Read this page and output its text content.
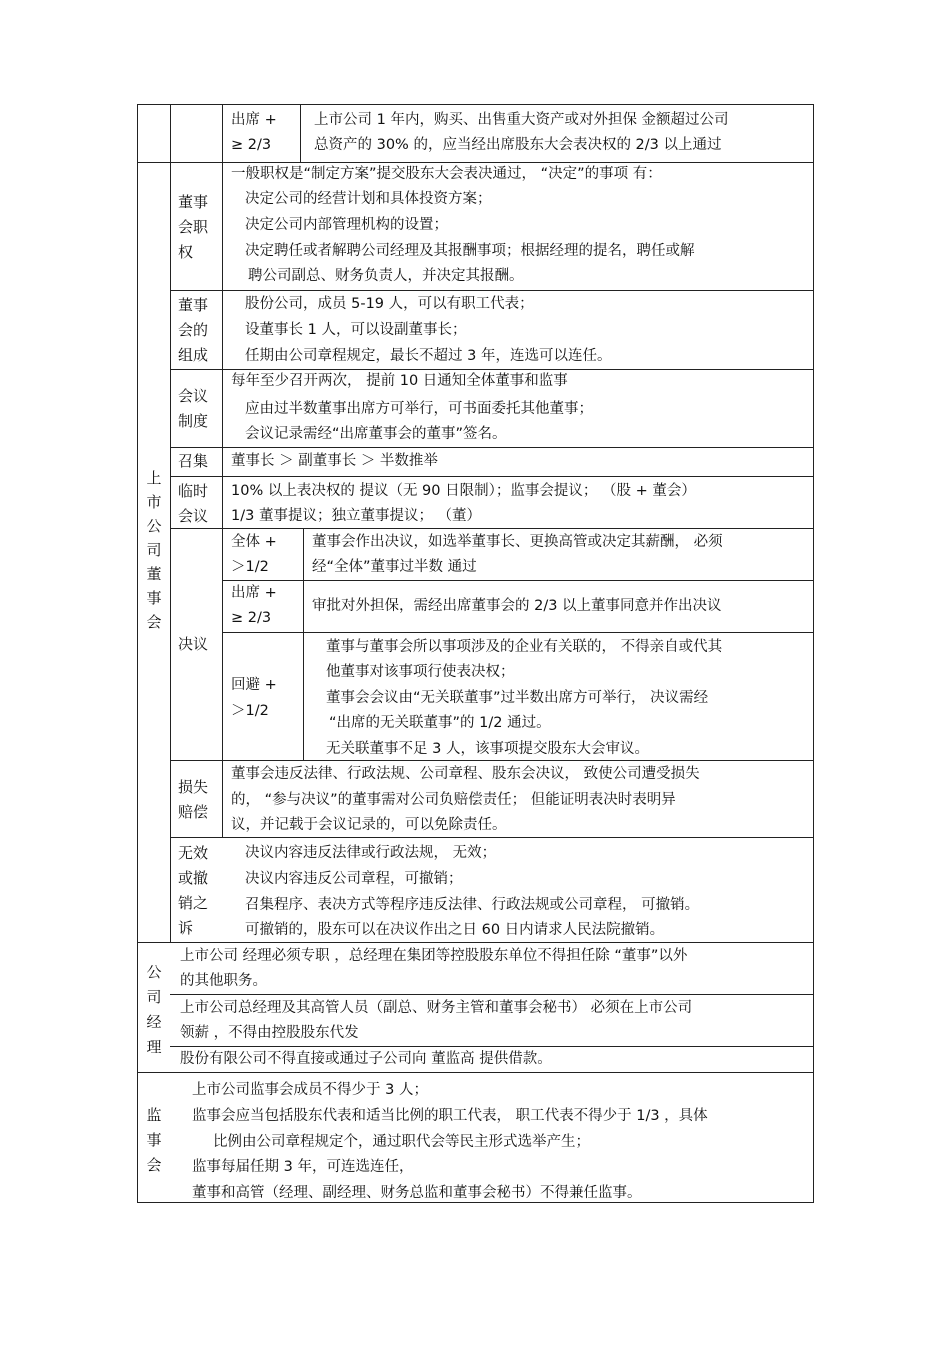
出席 +
≥ 2/3
上市公司 1 年内，购买、出售重大资产或对外担保 金额超过公司
总资产的 30% 的，应当经出席股东大会表决权的 2/3 以上通过
上市公司董事会
董事会职权
一般职权是“制定方案”提交股东大会表决通过， “决定”的事项 有：
决定公司的经营计划和具体投资方案；
决定公司内部管理机构的设置；
决定聘任或者解聘公司经理及其报酬事项；根据经理的提名，聘任或解
聘公司副总、财务负责人，并决定其报酬。
董事会的组成
股份公司，成员 5-19 人，可以有职工代表；
设董事长 1 人，可以设副董事长；
任期由公司章程规定，最长不超过 3 年，连选可以连任。
会议制度
每年至少召开两次， 提前 10 日通知全体董事和监事
应由过半数董事出席方可举行，可书面委托其他董事；
会议记录需经“出席董事会的董事”签名。
召集 董事长 ＞ 副董事长 ＞ 半数推举
临时会议
10% 以上表决权的 提议（无 90 日限制）；监事会提议； （股 + 董会）
1/3 董事提议；独立董事提议； （董）
决议
全体 +
＞1/2
董事会作出决议，如选举董事长、更换高管或决定其薪酬， 必须
经“全体”董事过半数 通过
出席 +
≥ 2/3
审批对外担保，需经出席董事会的 2/3 以上董事同意并作出决议
回避 +
＞1/2
董事与董事会所以事项涉及的企业有关联的， 不得亲自或代其
他董事对该事项行使表决权；
董事会会议由“无关联董事”过半数出席方可举行， 决议需经
“出席的无关联董事”的 1/2 通过。
无关联董事不足 3 人，该事项提交股东大会审议。
损失赔偿
董事会违反法律、行政法规、公司章程、股东会决议， 致使公司遭受损失
的， “参与决议”的董事需对公司负赔偿责任； 但能证明表决时表明异
议，并记载于会议记录的，可以免除责任。
无效或撤销之诉
决议内容违反法律或行政法规， 无效；
决议内容违反公司章程，可撤销；
召集程序、表决方式等程序违反法律、行政法规或公司章程， 可撤销。
可撤销的，股东可以在决议作出之日 60 日内请求人民法院撤销。
公司经理
上市公司 经理必须专职 ，总经理在集团等控股股东单位不得担任除 “董事”以外
的其他职务。
上市公司总经理及其高管人员（副总、财务主管和董事会秘书） 必须在上市公司
领薪 ，不得由控股股东代发
股份有限公司不得直接或通过子公司向 董监高 提供借款。
监事会
上市公司监事会成员不得少于 3 人；
监事会应当包括股东代表和适当比例的职工代表， 职工代表不得少于 1/3 ，具体
比例由公司章程规定个，通过职代会等民主形式选举产生；
监事每届任期 3 年，可连选连任，
董事和高管（经理、副经理、财务总监和董事会秘书）不得兼任监事。
